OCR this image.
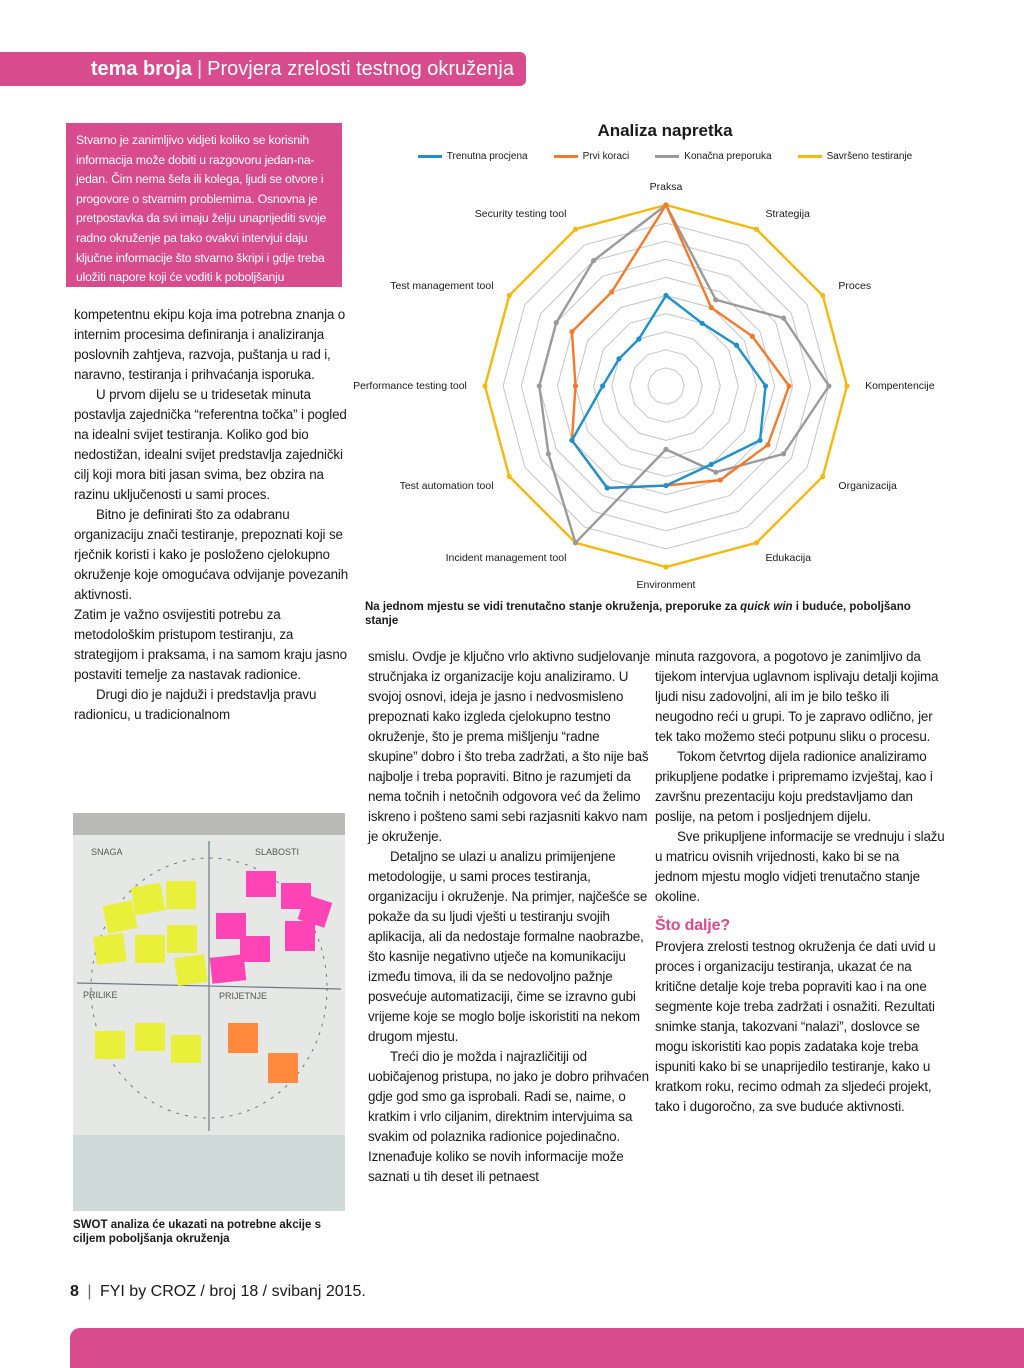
tema broja | Provjera zrelosti testnog okruženja
Stvarno je zanimljivo vidjeti koliko se korisnih informacija može dobiti u razgovoru jedan-na-jedan. Čim nema šefa ili kolega, ljudi se otvore i progovore o stvarnim problemima. Osnovna je pretpostavka da svi imaju želju unaprijediti svoje radno okruženje pa tako ovakvi intervjui daju ključne informacije što stvarno škripi i gdje treba uložiti napore koji će voditi k poboljšanju procesa.

kompetentnu ekipu koja ima potrebna znanja o internim procesima definiranja i analiziranja poslovnih zahtjeva, razvoja, puštanja u rad i, naravno, testiranja i prihvaćanja isporuka.

U prvom dijelu se u tridesetak minuta postavlja zajednička “referentna točka” i pogled na idealni svijet testiranja. Koliko god bio nedostižan, idealni svijet predstavlja zajednički cilj koji mora biti jasan svima, bez obzira na razinu uključenosti u sami proces.

Bitno je definirati što za odabranu organizaciju znači testiranje, prepoznati koji se rječnik koristi i kako je posloženo cjelokupno okruženje koje omogućava odvijanje povezanih aktivnosti.

Zatim je važno osvijestiti potrebu za metodološkim pristupom testiranju, za strategijom i praksama, i na samom kraju jasno postaviti temelje za nastavak radionice.

Drugi dio je najduži i predstavlja pravu radionicu, u tradicionalnom

Analiza napretka
Trenutna procjena	Prvi koraci	Konačna preporuka	Savršeno testiranje
Praksa
Strategija
Proces
Kompentencije
Organizacija
Edukacija
Environment
Incident management tool
Test automation tool
Performance testing tool
Test management tool
Security testing tool
Na jednom mjestu se vidi trenutačno stanje okruženja, preporuke za quick win i buduće, poboljšano stanje

smislu. Ovdje je ključno vrlo aktivno sudjelovanje stručnjaka iz organizacije koju analiziramo. U svojoj osnovi, ideja je jasno i nedvosmisleno prepoznati kako izgleda cjelokupno testno okruženje, što je prema mišljenju “radne skupine” dobro i što treba zadržati, a što nije baš najbolje i treba popraviti. Bitno je razumjeti da nema točnih i netočnih odgovora već da želimo iskreno i pošteno sami sebi razjasniti kakvo nam je okruženje.

Detaljno se ulazi u analizu primijenjene metodologije, u sami proces testiranja, organizaciju i okruženje. Na primjer, najčešće se pokaže da su ljudi vješti u testiranju svojih aplikacija, ali da nedostaje formalne naobrazbe, što kasnije negativno utječe na komunikaciju između timova, ili da se nedovoljno pažnje posvećuje automatizaciji, čime se izravno gubi vrijeme koje se moglo bolje iskoristiti na nekom drugom mjestu.

Treći dio je možda i najrazličitiji od uobičajenog pristupa, no jako je dobro prihvaćen gdje god smo ga isprobali. Radi se, naime, o kratkim i vrlo ciljanim, direktnim intervjuima sa svakim od polaznika radionice pojedinačno. Iznenađuje koliko se novih informacije može saznati u tih deset ili petnaest

minuta razgovora, a pogotovo je zanimljivo da tijekom intervjua uglavnom isplivaju detalji kojima ljudi nisu zadovoljni, ali im je bilo teško ili neugodno reći u grupi. To je zapravo odlično, jer tek tako možemo steći potpunu sliku o procesu.

Tokom četvrtog dijela radionice analiziramo prikupljene podatke i pripremamo izvještaj, kao i završnu prezentaciju koju predstavljamo dan poslije, na petom i posljednjem dijelu.

Sve prikupljene informacije se vrednuju i slažu u matricu ovisnih vrijednosti, kako bi se na jednom mjestu moglo vidjeti trenutačno stanje okoline.

Što dalje?

Provjera zrelosti testnog okruženja će dati uvid u proces i organizaciju testiranja, ukazat će na kritične detalje koje treba popraviti kao i na one segmente koje treba zadržati i osnažiti. Rezultati snimke stanja, takozvani “nalazi”, doslovce se mogu iskoristiti kao popis zadataka koje treba ispuniti kako bi se unaprijedilo testiranje, kako u kratkom roku, recimo odmah za sljedeći projekt, tako i dugoročno, za sve buduće aktivnosti.

SNAGA	SLABOSTI
PRILIKE	PRIJETNJE
SWOT analiza će ukazati na potrebne akcije s ciljem poboljšanja okruženja
8 | FYI by CROZ / broj 18 / svibanj 2015.
